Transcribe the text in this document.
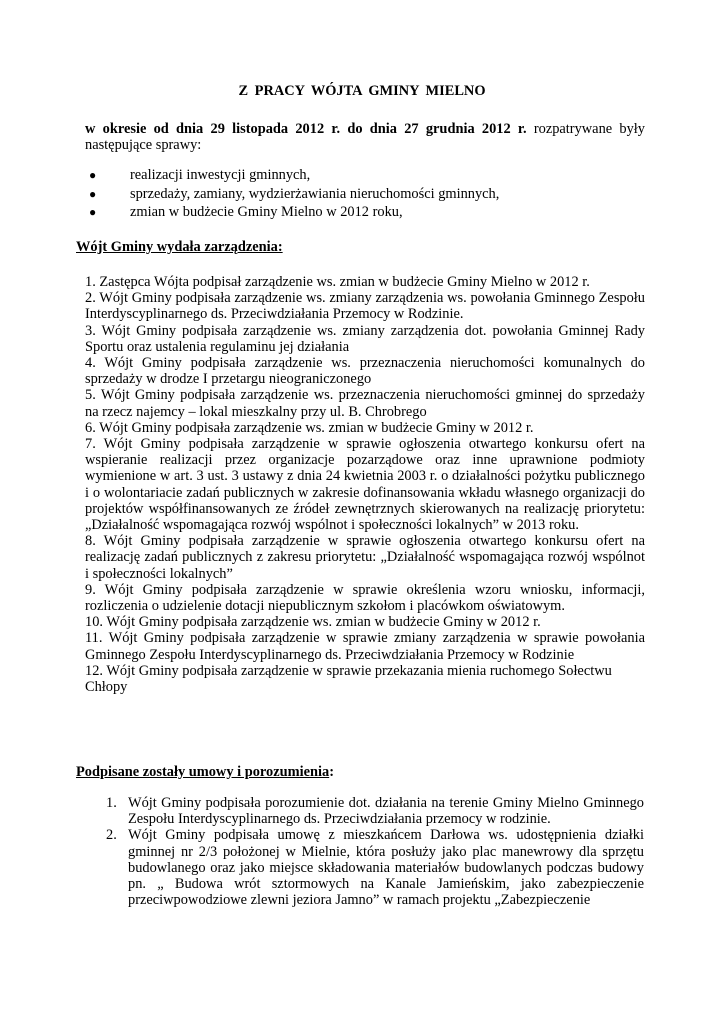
Z PRACY WÓJTA GMINY MIELNO
w okresie od dnia 29 listopada 2012 r. do dnia 27 grudnia 2012 r. rozpatrywane były następujące sprawy:
● realizacji inwestycji gminnych,
● sprzedaży, zamiany, wydzierżawiania nieruchomości gminnych,
● zmian w budżecie Gminy Mielno w 2012 roku,
Wójt Gminy wydała zarządzenia:
1. Zastępca Wójta podpisał zarządzenie ws. zmian w budżecie Gminy Mielno w 2012 r.
2. Wójt Gminy podpisała zarządzenie ws. zmiany zarządzenia ws. powołania Gminnego Zespołu Interdyscyplinarnego ds. Przeciwdziałania Przemocy w Rodzinie.
3. Wójt Gminy podpisała zarządzenie ws. zmiany zarządzenia dot. powołania Gminnej Rady Sportu oraz ustalenia regulaminu jej działania
4. Wójt Gminy podpisała zarządzenie ws. przeznaczenia nieruchomości komunalnych do sprzedaży w drodze I przetargu nieograniczonego
5. Wójt Gminy podpisała zarządzenie ws. przeznaczenia nieruchomości gminnej do sprzedaży na rzecz najemcy – lokal mieszkalny przy ul. B. Chrobrego
6. Wójt Gminy podpisała zarządzenie ws. zmian w budżecie Gminy w 2012 r.
7. Wójt Gminy podpisała zarządzenie w sprawie ogłoszenia otwartego konkursu ofert na wspieranie realizacji przez organizacje pozarządowe oraz inne uprawnione podmioty wymienione w art. 3 ust. 3 ustawy z dnia 24 kwietnia 2003 r. o działalności pożytku publicznego i o wolontariacie zadań publicznych w zakresie dofinansowania wkładu własnego organizacji do projektów współfinansowanych ze źródeł zewnętrznych skierowanych na realizację priorytetu: „Działalność wspomagająca rozwój wspólnot i społeczności lokalnych” w 2013 roku.
8. Wójt Gminy podpisała zarządzenie w sprawie ogłoszenia otwartego konkursu ofert na realizację zadań publicznych z zakresu priorytetu: „Działalność wspomagająca rozwój wspólnot i społeczności lokalnych”
9. Wójt Gminy podpisała zarządzenie w sprawie określenia wzoru wniosku, informacji, rozliczenia o udzielenie dotacji niepublicznym szkołom i placówkom oświatowym.
10. Wójt Gminy podpisała zarządzenie ws. zmian w budżecie Gminy w 2012 r.
11. Wójt Gminy podpisała zarządzenie w sprawie zmiany zarządzenia w sprawie powołania Gminnego Zespołu Interdyscyplinarnego ds. Przeciwdziałania Przemocy w Rodzinie
12. Wójt Gminy podpisała zarządzenie w sprawie przekazania mienia ruchomego Sołectwu Chłopy
Podpisane zostały umowy i porozumienia:
1. Wójt Gminy podpisała porozumienie dot. działania na terenie Gminy Mielno Gminnego Zespołu Interdyscyplinarnego ds. Przeciwdziałania przemocy w rodzinie.
2. Wójt Gminy podpisała umowę z mieszkańcem Darłowa ws. udostępnienia działki gminnej nr 2/3 położonej w Mielnie, która posłuży jako plac manewrowy dla sprzętu budowlanego oraz jako miejsce składowania materiałów budowlanych podczas budowy pn. „ Budowa wrót sztormowych na Kanale Jamieńskim, jako zabezpieczenie przeciwpowodziowe zlewni jeziora Jamno” w ramach projektu „Zabezpieczenie
